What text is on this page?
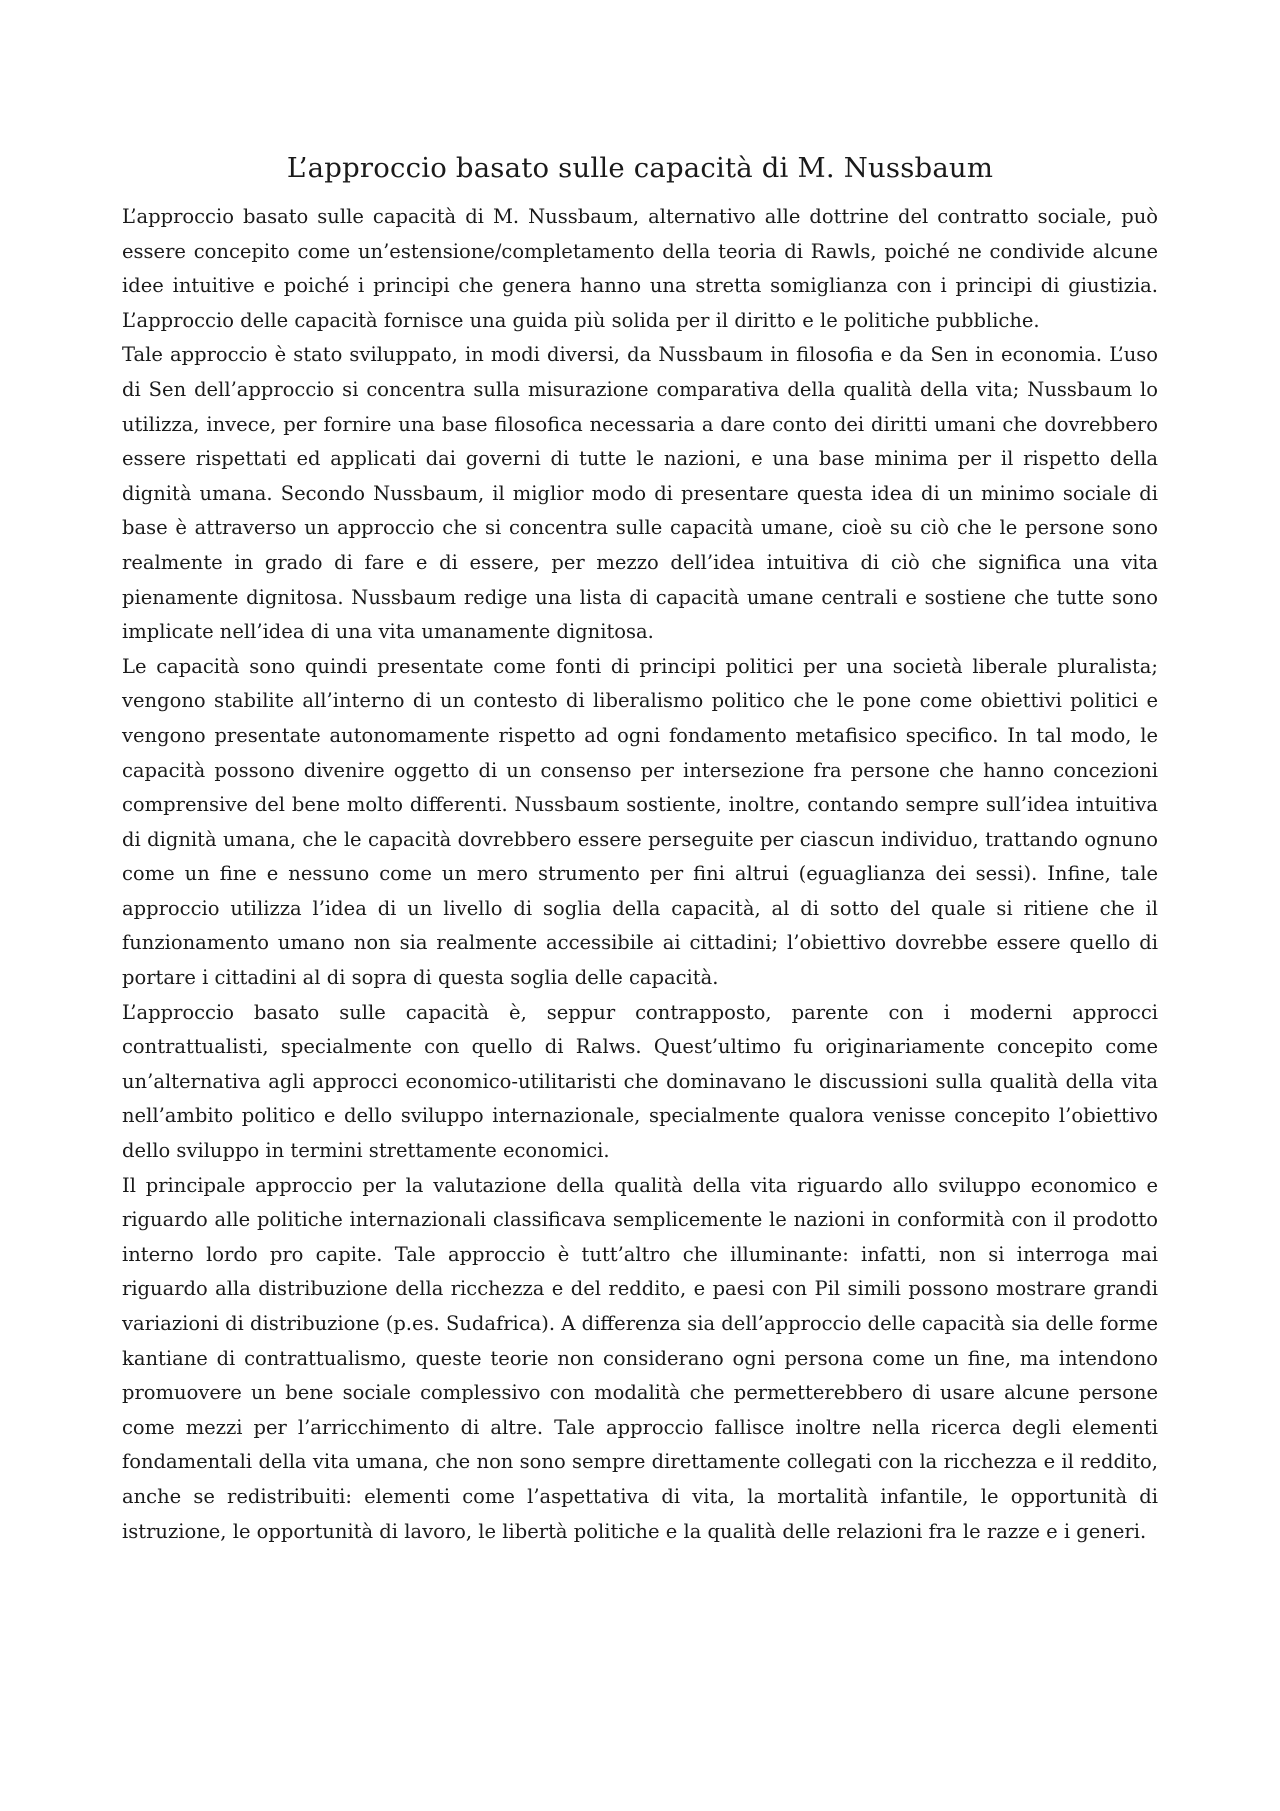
L’approccio basato sulle capacità di M. Nussbaum

L’approccio basato sulle capacità di M. Nussbaum, alternativo alle dottrine del contratto sociale, può essere concepito come un’estensione/completamento della teoria di Rawls, poiché ne condivide alcune idee intuitive e poiché i principi che genera hanno una stretta somiglianza con i principi di giustizia. L’approccio delle capacità fornisce una guida più solida per il diritto e le politiche pubbliche.

Tale approccio è stato sviluppato, in modi diversi, da Nussbaum in filosofia e da Sen in economia. L’uso di Sen dell’approccio si concentra sulla misurazione comparativa della qualità della vita; Nussbaum lo utilizza, invece, per fornire una base filosofica necessaria a dare conto dei diritti umani che dovrebbero essere rispettati ed applicati dai governi di tutte le nazioni, e una base minima per il rispetto della dignità umana. Secondo Nussbaum, il miglior modo di presentare questa idea di un minimo sociale di base è attraverso un approccio che si concentra sulle capacità umane, cioè su ciò che le persone sono realmente in grado di fare e di essere, per mezzo dell’idea intuitiva di ciò che significa una vita pienamente dignitosa. Nussbaum redige una lista di capacità umane centrali e sostiene che tutte sono implicate nell’idea di una vita umanamente dignitosa.

Le capacità sono quindi presentate come fonti di principi politici per una società liberale pluralista; vengono stabilite all’interno di un contesto di liberalismo politico che le pone come obiettivi politici e vengono presentate autonomamente rispetto ad ogni fondamento metafisico specifico. In tal modo, le capacità possono divenire oggetto di un consenso per intersezione fra persone che hanno concezioni comprensive del bene molto differenti. Nussbaum sostiente, inoltre, contando sempre sull’idea intuitiva di dignità umana, che le capacità dovrebbero essere perseguite per ciascun individuo, trattando ognuno come un fine e nessuno come un mero strumento per fini altrui (eguaglianza dei sessi). Infine, tale approccio utilizza l’idea di un livello di soglia della capacità, al di sotto del quale si ritiene che il funzionamento umano non sia realmente accessibile ai cittadini; l’obiettivo dovrebbe essere quello di portare i cittadini al di sopra di questa soglia delle capacità.

L’approccio basato sulle capacità è, seppur contrapposto, parente con i moderni approcci contrattualisti, specialmente con quello di Ralws. Quest’ultimo fu originariamente concepito come un’alternativa agli approcci economico-utilitaristi che dominavano le discussioni sulla qualità della vita nell’ambito politico e dello sviluppo internazionale, specialmente qualora venisse concepito l’obiettivo dello sviluppo in termini strettamente economici.

Il principale approccio per la valutazione della qualità della vita riguardo allo sviluppo economico e riguardo alle politiche internazionali classificava semplicemente le nazioni in conformità con il prodotto interno lordo pro capite. Tale approccio è tutt’altro che illuminante: infatti, non si interroga mai riguardo alla distribuzione della ricchezza e del reddito, e paesi con Pil simili possono mostrare grandi variazioni di distribuzione (p.es. Sudafrica). A differenza sia dell’approccio delle capacità sia delle forme kantiane di contrattualismo, queste teorie non considerano ogni persona come un fine, ma intendono promuovere un bene sociale complessivo con modalità che permetterebbero di usare alcune persone come mezzi per l’arricchimento di altre. Tale approccio fallisce inoltre nella ricerca degli elementi fondamentali della vita umana, che non sono sempre direttamente collegati con la ricchezza e il reddito, anche se redistribuiti: elementi come l’aspettativa di vita, la mortalità infantile, le opportunità di istruzione, le opportunità di lavoro, le libertà politiche e la qualità delle relazioni fra le razze e i generi.
